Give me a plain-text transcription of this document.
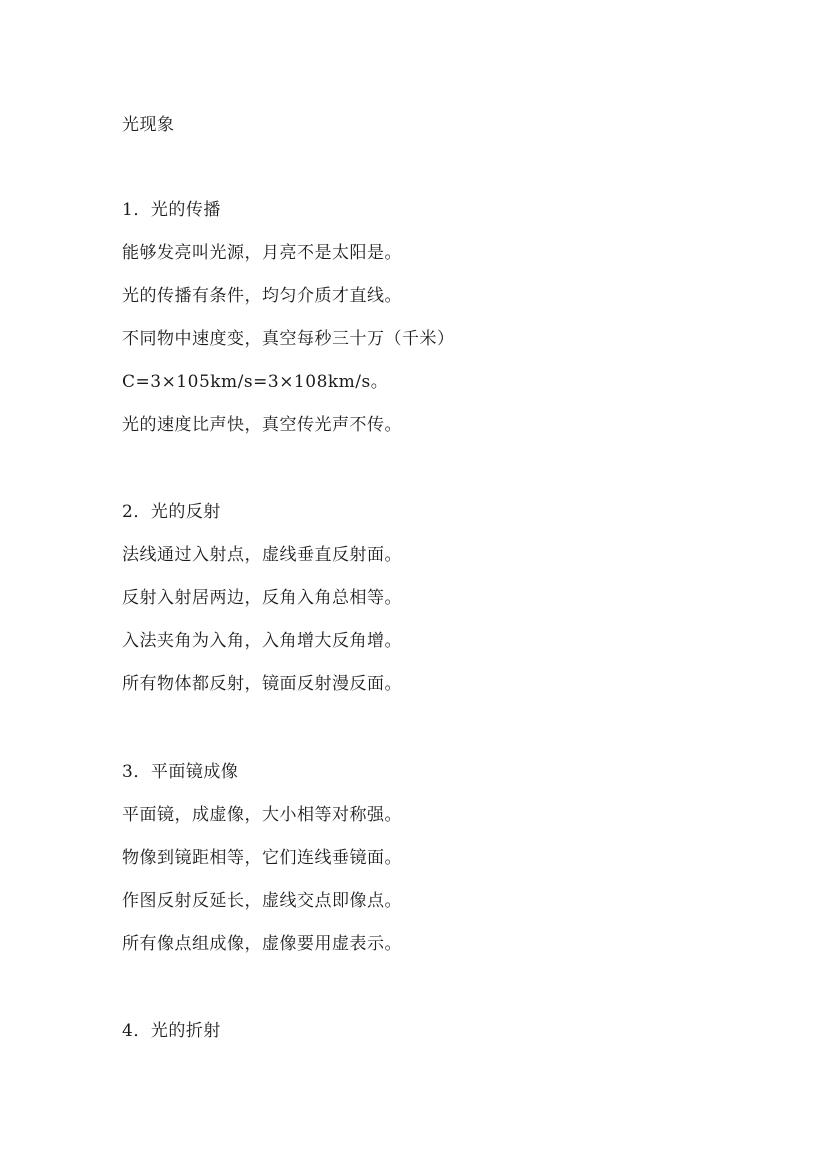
光现象
1．光的传播
能够发亮叫光源，月亮不是太阳是。
光的传播有条件，均匀介质才直线。
不同物中速度变，真空每秒三十万（千米）
C=3×105km/s=3×108km/s。
光的速度比声快，真空传光声不传。
2．光的反射
法线通过入射点，虚线垂直反射面。
反射入射居两边，反角入角总相等。
入法夹角为入角，入角增大反角增。
所有物体都反射，镜面反射漫反面。
3．平面镜成像
平面镜，成虚像，大小相等对称强。
物像到镜距相等，它们连线垂镜面。
作图反射反延长，虚线交点即像点。
所有像点组成像，虚像要用虚表示。
4．光的折射
